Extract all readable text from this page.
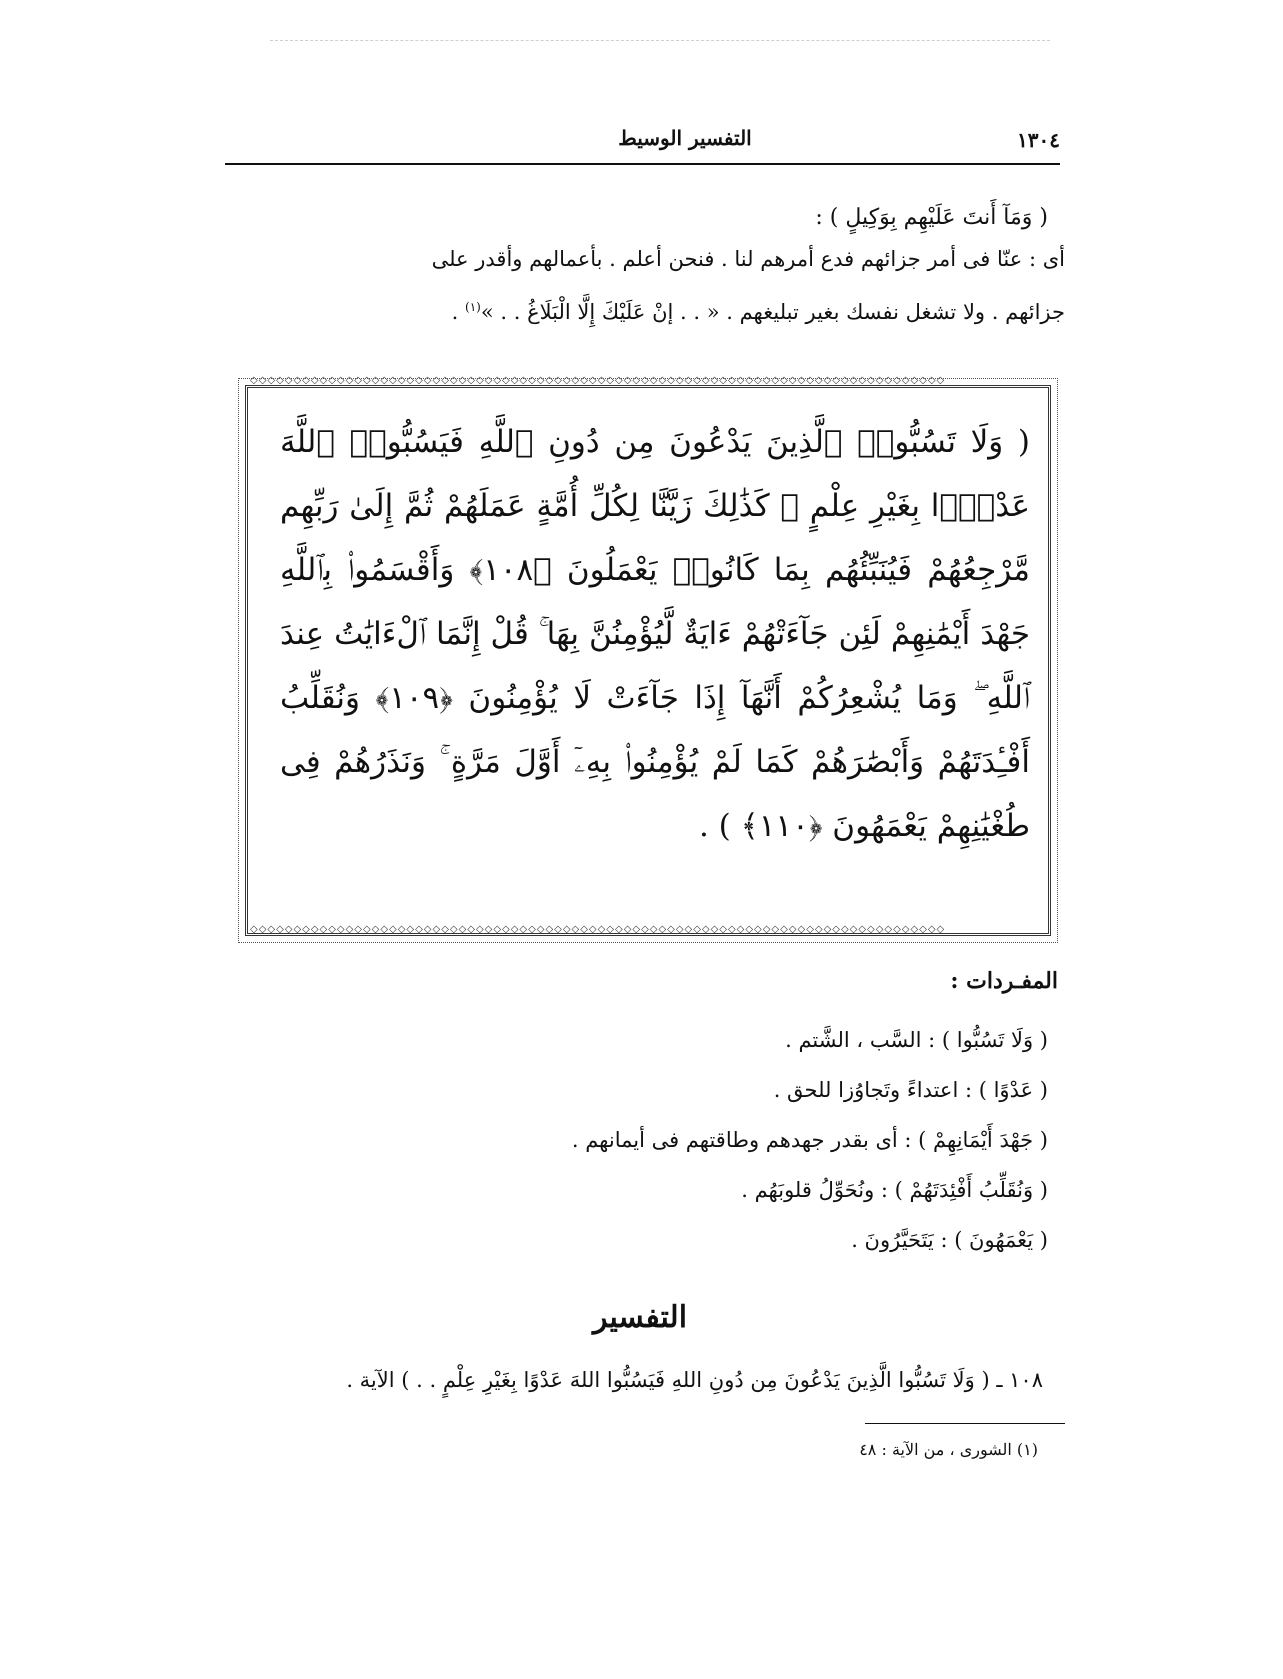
١٣٠٤
التفسير الوسيط
( وَمَآ أَنتَ عَلَيْهِم بِوَكِيلٍ ) :

أى : عنّا فى أمر جزائهم فدع أمرهم لنا . فنحن أعلم . بأعمالهم وأقدر على

جزائهم . ولا تشغل نفسك بغير تبليغهم . « . . إنْ عَلَيْكَ إِلَّا الْبَلَاغُ . . »$^{(١)}$ .

◇◇◇◇◇◇◇◇◇◇◇◇◇◇◇◇◇◇◇◇◇◇◇◇◇◇◇◇◇◇◇◇◇◇◇◇◇◇◇◇◇◇◇◇◇◇◇◇◇◇◇◇◇◇◇◇◇◇◇◇◇◇◇◇◇◇◇◇◇◇◇◇◇◇◇◇◇◇◇◇
( وَلَا تَسُبُّوا۟ ٱلَّذِينَ يَدْعُونَ مِن دُونِ ٱللَّهِ فَيَسُبُّوا۟ ٱللَّهَ عَدْوًۢا بِغَيْرِ عِلْمٍ ۗ كَذَٰلِكَ زَيَّنَّا لِكُلِّ أُمَّةٍ عَمَلَهُمْ ثُمَّ إِلَىٰ رَبِّهِم مَّرْجِعُهُمْ فَيُنَبِّئُهُم بِمَا كَانُوا۟ يَعْمَلُونَ ﴿١٠٨﴾ وَأَقْسَمُوا۟ بِٱللَّهِ جَهْدَ أَيْمَٰنِهِمْ لَئِن جَآءَتْهُمْ ءَايَةٌ لَّيُؤْمِنُنَّ بِهَا ۚ قُلْ إِنَّمَا ٱلْءَايَٰتُ عِندَ ٱللَّهِ ۖ وَمَا يُشْعِرُكُمْ أَنَّهَآ إِذَا جَآءَتْ لَا يُؤْمِنُونَ ﴿١٠٩﴾ وَنُقَلِّبُ أَفْـِٔدَتَهُمْ وَأَبْصَٰرَهُمْ كَمَا لَمْ يُؤْمِنُوا۟ بِهِۦٓ أَوَّلَ مَرَّةٍ ۚ وَنَذَرُهُمْ فِى طُغْيَٰنِهِمْ يَعْمَهُونَ ﴿١١٠﴾ ) .
◇◇◇◇◇◇◇◇◇◇◇◇◇◇◇◇◇◇◇◇◇◇◇◇◇◇◇◇◇◇◇◇◇◇◇◇◇◇◇◇◇◇◇◇◇◇◇◇◇◇◇◇◇◇◇◇◇◇◇◇◇◇◇◇◇◇◇◇◇◇◇◇◇◇◇◇◇◇◇◇
المفـردات :
( وَلَا تَسُبُّوا ) : السَّب ، الشَّتم .
( عَدْوًا ) : اعتداءً وتَجاوُزا للحق .
( جَهْدَ أَيْمَانِهِمْ ) : أى بقدر جهدهم وطاقتهم فى أيمانهم .
( وَنُقَلِّبُ أَفْئِدَتَهُمْ ) : ونُحَوِّلُ قلوبَهُم .
( يَعْمَهُونَ ) : يَتَحَيَّرُونَ .
التفسير
١٠٨ ـ ( وَلَا تَسُبُّوا الَّذِينَ يَدْعُونَ مِن دُونِ اللهِ فَيَسُبُّوا اللهَ عَدْوًا بِغَيْرِ عِلْمٍ . . ) الآية .
(١) الشورى ، من الآية : ٤٨
